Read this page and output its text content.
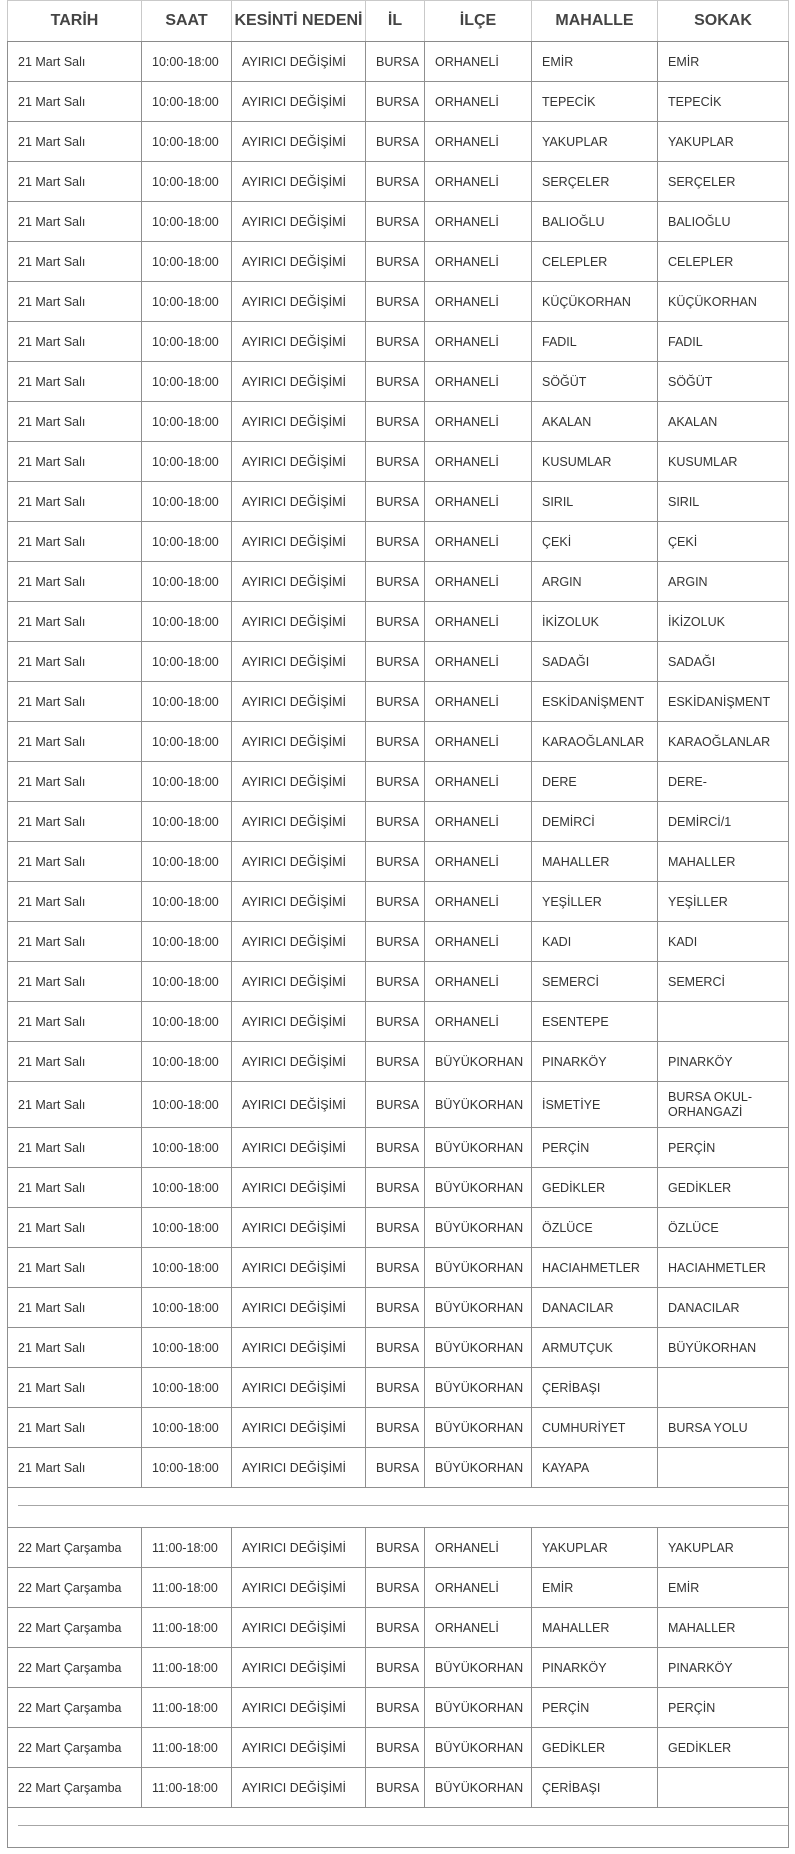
TARİH	SAAT	KESİNTİ NEDENİ	İL	İLÇE	MAHALLE	SOKAK
21 Mart Salı	10:00-18:00	AYIRICI DEĞİŞİMİ	BURSA	ORHANELİ	EMİR	EMİR
21 Mart Salı	10:00-18:00	AYIRICI DEĞİŞİMİ	BURSA	ORHANELİ	TEPECİK	TEPECİK
21 Mart Salı	10:00-18:00	AYIRICI DEĞİŞİMİ	BURSA	ORHANELİ	YAKUPLAR	YAKUPLAR
21 Mart Salı	10:00-18:00	AYIRICI DEĞİŞİMİ	BURSA	ORHANELİ	SERÇELER	SERÇELER
21 Mart Salı	10:00-18:00	AYIRICI DEĞİŞİMİ	BURSA	ORHANELİ	BALIOĞLU	BALIOĞLU
21 Mart Salı	10:00-18:00	AYIRICI DEĞİŞİMİ	BURSA	ORHANELİ	CELEPLER	CELEPLER
21 Mart Salı	10:00-18:00	AYIRICI DEĞİŞİMİ	BURSA	ORHANELİ	KÜÇÜKORHAN	KÜÇÜKORHAN
21 Mart Salı	10:00-18:00	AYIRICI DEĞİŞİMİ	BURSA	ORHANELİ	FADIL	FADIL
21 Mart Salı	10:00-18:00	AYIRICI DEĞİŞİMİ	BURSA	ORHANELİ	SÖĞÜT	SÖĞÜT
21 Mart Salı	10:00-18:00	AYIRICI DEĞİŞİMİ	BURSA	ORHANELİ	AKALAN	AKALAN
21 Mart Salı	10:00-18:00	AYIRICI DEĞİŞİMİ	BURSA	ORHANELİ	KUSUMLAR	KUSUMLAR
21 Mart Salı	10:00-18:00	AYIRICI DEĞİŞİMİ	BURSA	ORHANELİ	SIRIL	SIRIL
21 Mart Salı	10:00-18:00	AYIRICI DEĞİŞİMİ	BURSA	ORHANELİ	ÇEKİ	ÇEKİ
21 Mart Salı	10:00-18:00	AYIRICI DEĞİŞİMİ	BURSA	ORHANELİ	ARGIN	ARGIN
21 Mart Salı	10:00-18:00	AYIRICI DEĞİŞİMİ	BURSA	ORHANELİ	İKİZOLUK	İKİZOLUK
21 Mart Salı	10:00-18:00	AYIRICI DEĞİŞİMİ	BURSA	ORHANELİ	SADAĞI	SADAĞI
21 Mart Salı	10:00-18:00	AYIRICI DEĞİŞİMİ	BURSA	ORHANELİ	ESKİDANİŞMENT	ESKİDANİŞMENT
21 Mart Salı	10:00-18:00	AYIRICI DEĞİŞİMİ	BURSA	ORHANELİ	KARAOĞLANLAR	KARAOĞLANLAR
21 Mart Salı	10:00-18:00	AYIRICI DEĞİŞİMİ	BURSA	ORHANELİ	DERE	DERE-
21 Mart Salı	10:00-18:00	AYIRICI DEĞİŞİMİ	BURSA	ORHANELİ	DEMİRCİ	DEMİRCİ/1
21 Mart Salı	10:00-18:00	AYIRICI DEĞİŞİMİ	BURSA	ORHANELİ	MAHALLER	MAHALLER
21 Mart Salı	10:00-18:00	AYIRICI DEĞİŞİMİ	BURSA	ORHANELİ	YEŞİLLER	YEŞİLLER
21 Mart Salı	10:00-18:00	AYIRICI DEĞİŞİMİ	BURSA	ORHANELİ	KADI	KADI
21 Mart Salı	10:00-18:00	AYIRICI DEĞİŞİMİ	BURSA	ORHANELİ	SEMERCİ	SEMERCİ
21 Mart Salı	10:00-18:00	AYIRICI DEĞİŞİMİ	BURSA	ORHANELİ	ESENTEPE	
21 Mart Salı	10:00-18:00	AYIRICI DEĞİŞİMİ	BURSA	BÜYÜKORHAN	PINARKÖY	PINARKÖY
21 Mart Salı	10:00-18:00	AYIRICI DEĞİŞİMİ	BURSA	BÜYÜKORHAN	İSMETİYE	BURSA OKUL-ORHANGAZİ
21 Mart Salı	10:00-18:00	AYIRICI DEĞİŞİMİ	BURSA	BÜYÜKORHAN	PERÇİN	PERÇİN
21 Mart Salı	10:00-18:00	AYIRICI DEĞİŞİMİ	BURSA	BÜYÜKORHAN	GEDİKLER	GEDİKLER
21 Mart Salı	10:00-18:00	AYIRICI DEĞİŞİMİ	BURSA	BÜYÜKORHAN	ÖZLÜCE	ÖZLÜCE
21 Mart Salı	10:00-18:00	AYIRICI DEĞİŞİMİ	BURSA	BÜYÜKORHAN	HACIAHMETLER	HACIAHMETLER
21 Mart Salı	10:00-18:00	AYIRICI DEĞİŞİMİ	BURSA	BÜYÜKORHAN	DANACILAR	DANACILAR
21 Mart Salı	10:00-18:00	AYIRICI DEĞİŞİMİ	BURSA	BÜYÜKORHAN	ARMUTÇUK	BÜYÜKORHAN
21 Mart Salı	10:00-18:00	AYIRICI DEĞİŞİMİ	BURSA	BÜYÜKORHAN	ÇERİBAŞI	
21 Mart Salı	10:00-18:00	AYIRICI DEĞİŞİMİ	BURSA	BÜYÜKORHAN	CUMHURİYET	BURSA YOLU
21 Mart Salı	10:00-18:00	AYIRICI DEĞİŞİMİ	BURSA	BÜYÜKORHAN	KAYAPA	

22 Mart Çarşamba	11:00-18:00	AYIRICI DEĞİŞİMİ	BURSA	ORHANELİ	YAKUPLAR	YAKUPLAR
22 Mart Çarşamba	11:00-18:00	AYIRICI DEĞİŞİMİ	BURSA	ORHANELİ	EMİR	EMİR
22 Mart Çarşamba	11:00-18:00	AYIRICI DEĞİŞİMİ	BURSA	ORHANELİ	MAHALLER	MAHALLER
22 Mart Çarşamba	11:00-18:00	AYIRICI DEĞİŞİMİ	BURSA	BÜYÜKORHAN	PINARKÖY	PINARKÖY
22 Mart Çarşamba	11:00-18:00	AYIRICI DEĞİŞİMİ	BURSA	BÜYÜKORHAN	PERÇİN	PERÇİN
22 Mart Çarşamba	11:00-18:00	AYIRICI DEĞİŞİMİ	BURSA	BÜYÜKORHAN	GEDİKLER	GEDİKLER
22 Mart Çarşamba	11:00-18:00	AYIRICI DEĞİŞİMİ	BURSA	BÜYÜKORHAN	ÇERİBAŞI	
